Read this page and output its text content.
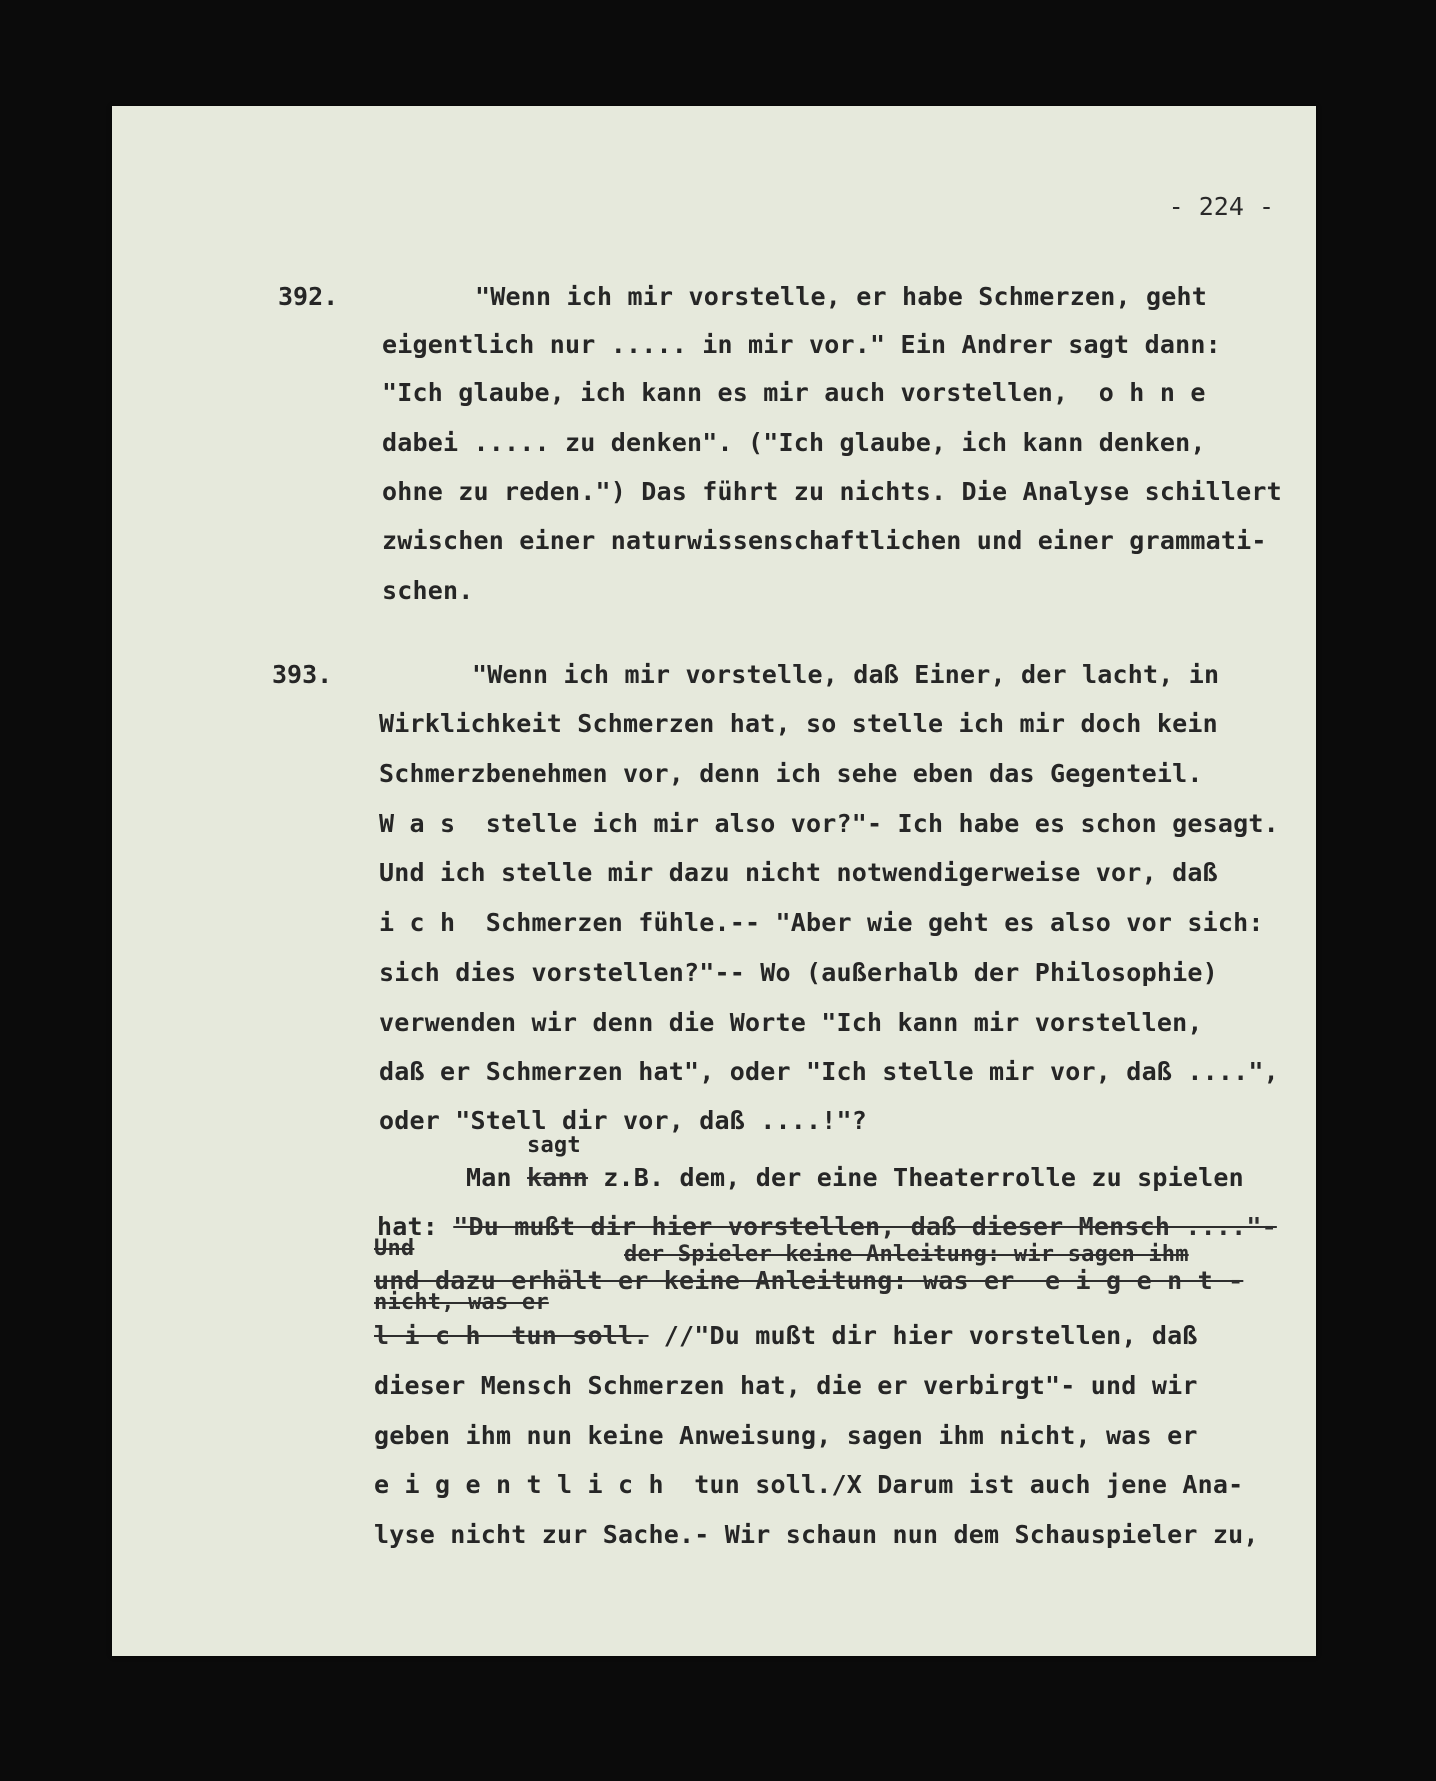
- 224 -
392.	"Wenn ich mir vorstelle, er habe Schmerzen, geht
eigentlich nur ..... in mir vor." Ein Andrer sagt dann:
"Ich glaube, ich kann es mir auch vorstellen,  o h n e
dabei ..... zu denken". ("Ich glaube, ich kann denken,
ohne zu reden.") Das führt zu nichts. Die Analyse schillert
zwischen einer naturwissenschaftlichen und einer grammati-
schen.
393.	"Wenn ich mir vorstelle, daß Einer, der lacht, in
Wirklichkeit Schmerzen hat, so stelle ich mir doch kein
Schmerzbenehmen vor, denn ich sehe eben das Gegenteil.
W a s  stelle ich mir also vor?"- Ich habe es schon gesagt.
Und ich stelle mir dazu nicht notwendigerweise vor, daß
i c h  Schmerzen fühle.-- "Aber wie geht es also vor sich:
sich dies vorstellen?"-- Wo (außerhalb der Philosophie)
verwenden wir denn die Worte "Ich kann mir vorstellen,
daß er Schmerzen hat", oder "Ich stelle mir vor, daß ....",
oder "Stell dir vor, daß ....!"?
sagt
Man kann z.B. dem, der eine Theaterrolle zu spielen
hat: "Du mußt dir hier vorstellen, daß dieser Mensch ...."-
Und	der Spieler keine Anleitung: wir sagen ihm
und dazu erhält er keine Anleitung: was er  e i g e n t -
nicht, was er
l i c h  tun soll. //"Du mußt dir hier vorstellen, daß
dieser Mensch Schmerzen hat, die er verbirgt"- und wir
geben ihm nun keine Anweisung, sagen ihm nicht, was er
e i g e n t l i c h  tun soll./X Darum ist auch jene Ana-
lyse nicht zur Sache.- Wir schaun nun dem Schauspieler zu,
